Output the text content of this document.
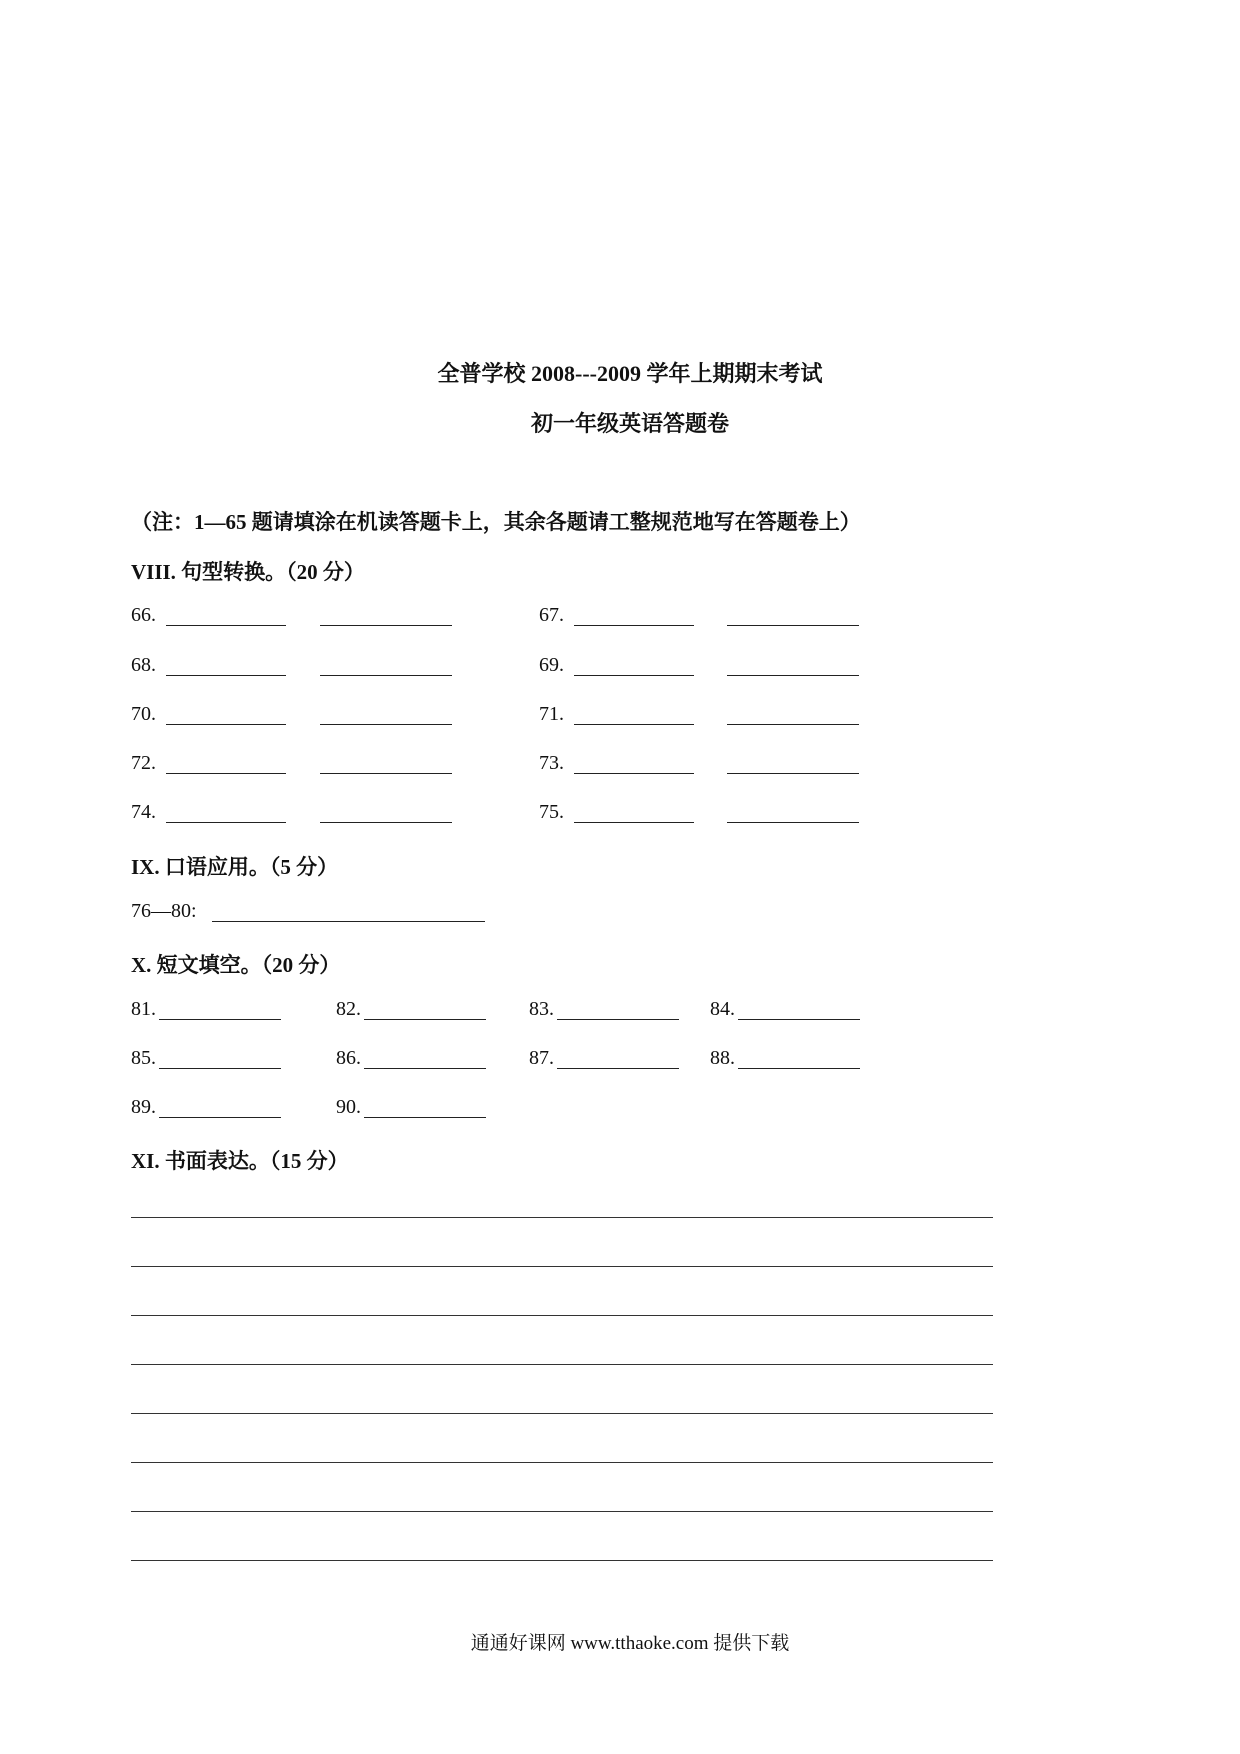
全普学校 2008---2009 学年上期期末考试
初一年级英语答题卷
（注：1—65 题请填涂在机读答题卡上，其余各题请工整规范地写在答题卷上）
VIII. 句型转换。（20 分）
66.	67.
68.	69.
70.	71.
72.	73.
74.	75.
IX. 口语应用。（5 分）
76—80:
X. 短文填空。（20 分）
81.	82.	83.	84.
85.	86.	87.	88.
89.	90.
XI. 书面表达。（15 分）
通通好课网 www.tthaoke.com 提供下载
